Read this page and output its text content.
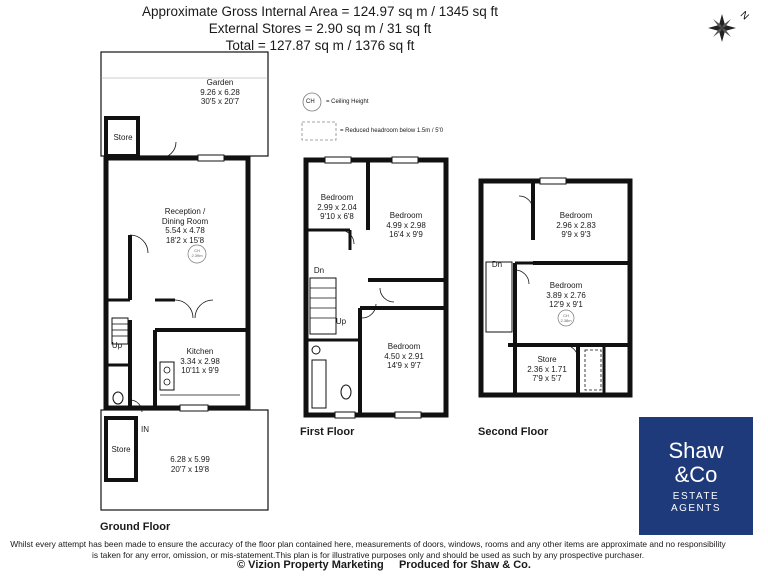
Approximate Gross Internal Area = 124.97 sq m / 1345 sq ft
External Stores = 2.90 sq m / 31 sq ft
Total = 127.87 sq m / 1376 sq ft
N
CH = Ceiling Height
= Reduced headroom below 1.5m / 5'0
Garden
9.26 x 6.28
30'5 x 20'7
Store
Reception /
Dining Room
5.54 x 4.78
18'2 x 15'8
CH
2.39m
Kitchen
3.34 x 2.98
10'11 x 9'9
Up
IN
Store
6.28 x 5.99
20'7 x 19'8
Ground Floor
Bedroom
2.99 x 2.04
9'10 x 6'8	Bedroom
4.99 x 2.98
16'4 x 9'9
Bedroom
4.50 x 2.91
14'9 x 9'7
Dn
Up
First Floor
Bedroom
2.96 x 2.83
9'9 x 9'3
Bedroom
3.89 x 2.76
12'9 x 9'1
CH
2.38m
Store
2.36 x 1.71
7'9 x 5'7
Dn
Second Floor
Shaw
&Co
ESTATE
AGENTS
Whilst every attempt has been made to ensure the accuracy of the floor plan contained here, measurements of doors, windows, rooms and any other items are approximate and no responsibility is taken for any error, omission, or mis-statement.This plan is for illustrative purposes only and should be used as such by any prospective purchaser.
© Vizion Property Marketing     Produced for Shaw & Co.
